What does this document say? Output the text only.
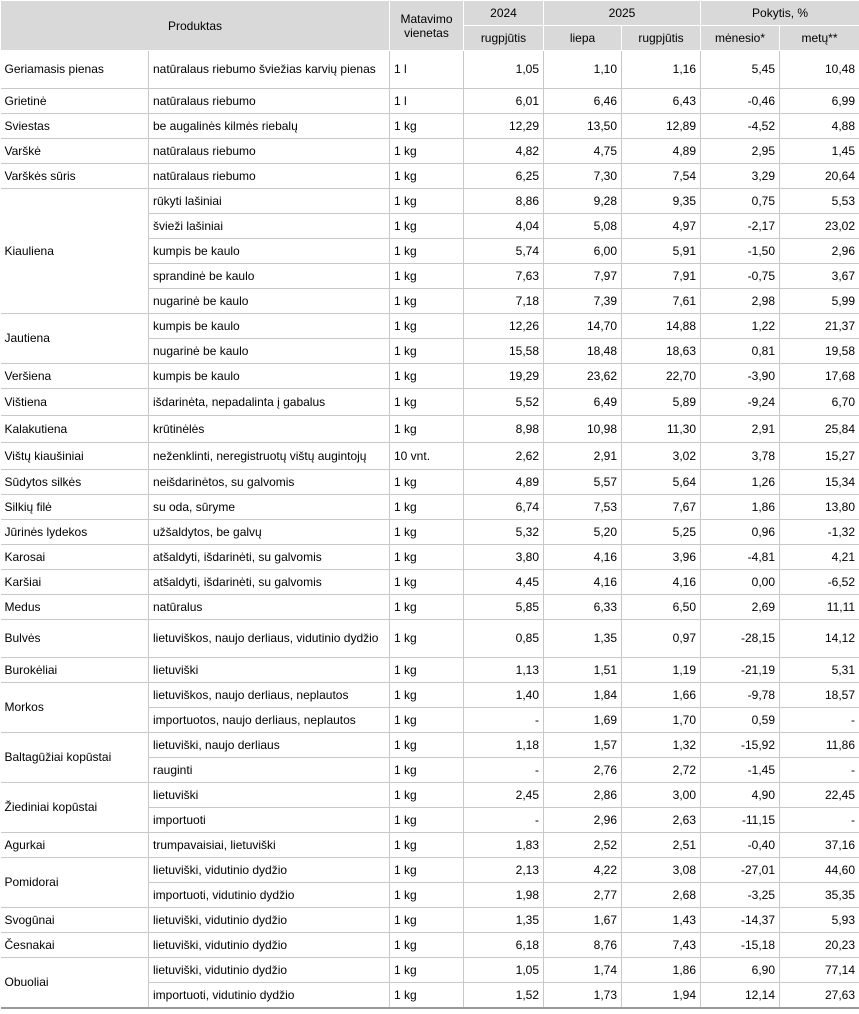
Produktas		Matavimo vienetas	2024	2025		Pokytis, %	
			rugpjūtis	liepa	rugpjūtis	mėnesio*	metų**
Geriamasis pienas	natūralaus riebumo šviežias karvių pienas	1 l	1,05	1,10	1,16	5,45	10,48
Grietinė	natūralaus riebumo	1 l	6,01	6,46	6,43	-0,46	6,99
Sviestas	be augalinės kilmės riebalų	1 kg	12,29	13,50	12,89	-4,52	4,88
Varškė	natūralaus riebumo	1 kg	4,82	4,75	4,89	2,95	1,45
Varškės sūris	natūralaus riebumo	1 kg	6,25	7,30	7,54	3,29	20,64
Kiauliena	rūkyti lašiniai	1 kg	8,86	9,28	9,35	0,75	5,53
	švieži lašiniai	1 kg	4,04	5,08	4,97	-2,17	23,02
	kumpis be kaulo	1 kg	5,74	6,00	5,91	-1,50	2,96
	sprandinė be kaulo	1 kg	7,63	7,97	7,91	-0,75	3,67
	nugarinė be kaulo	1 kg	7,18	7,39	7,61	2,98	5,99
Jautiena	kumpis be kaulo	1 kg	12,26	14,70	14,88	1,22	21,37
	nugarinė be kaulo	1 kg	15,58	18,48	18,63	0,81	19,58
Veršiena	kumpis be kaulo	1 kg	19,29	23,62	22,70	-3,90	17,68
Vištiena	išdarinėta, nepadalinta į gabalus	1 kg	5,52	6,49	5,89	-9,24	6,70
Kalakutiena	krūtinėlės	1 kg	8,98	10,98	11,30	2,91	25,84
Vištų kiaušiniai	neženklinti, neregistruotų vištų augintojų	10 vnt.	2,62	2,91	3,02	3,78	15,27
Sūdytos silkės	neišdarinėtos, su galvomis	1 kg	4,89	5,57	5,64	1,26	15,34
Silkių filė	su oda, sūryme	1 kg	6,74	7,53	7,67	1,86	13,80
Jūrinės lydekos	užšaldytos, be galvų	1 kg	5,32	5,20	5,25	0,96	-1,32
Karosai	atšaldyti, išdarinėti, su galvomis	1 kg	3,80	4,16	3,96	-4,81	4,21
Karšiai	atšaldyti, išdarinėti, su galvomis	1 kg	4,45	4,16	4,16	0,00	-6,52
Medus	natūralus	1 kg	5,85	6,33	6,50	2,69	11,11
Bulvės	lietuviškos, naujo derliaus, vidutinio dydžio	1 kg	0,85	1,35	0,97	-28,15	14,12
Burokėliai	lietuviški	1 kg	1,13	1,51	1,19	-21,19	5,31
Morkos	lietuviškos, naujo derliaus, neplautos	1 kg	1,40	1,84	1,66	-9,78	18,57
	importuotos, naujo derliaus, neplautos	1 kg	-	1,69	1,70	0,59	-
Baltagūžiai kopūstai	lietuviški, naujo derliaus	1 kg	1,18	1,57	1,32	-15,92	11,86
	rauginti	1 kg	-	2,76	2,72	-1,45	-
Žiediniai kopūstai	lietuviški	1 kg	2,45	2,86	3,00	4,90	22,45
	importuoti	1 kg	-	2,96	2,63	-11,15	-
Agurkai	trumpavaisiai, lietuviški	1 kg	1,83	2,52	2,51	-0,40	37,16
Pomidorai	lietuviški, vidutinio dydžio	1 kg	2,13	4,22	3,08	-27,01	44,60
	importuoti, vidutinio dydžio	1 kg	1,98	2,77	2,68	-3,25	35,35
Svogūnai	lietuviški, vidutinio dydžio	1 kg	1,35	1,67	1,43	-14,37	5,93
Česnakai	lietuviški, vidutinio dydžio	1 kg	6,18	8,76	7,43	-15,18	20,23
Obuoliai	lietuviški, vidutinio dydžio	1 kg	1,05	1,74	1,86	6,90	77,14
	importuoti, vidutinio dydžio	1 kg	1,52	1,73	1,94	12,14	27,63
